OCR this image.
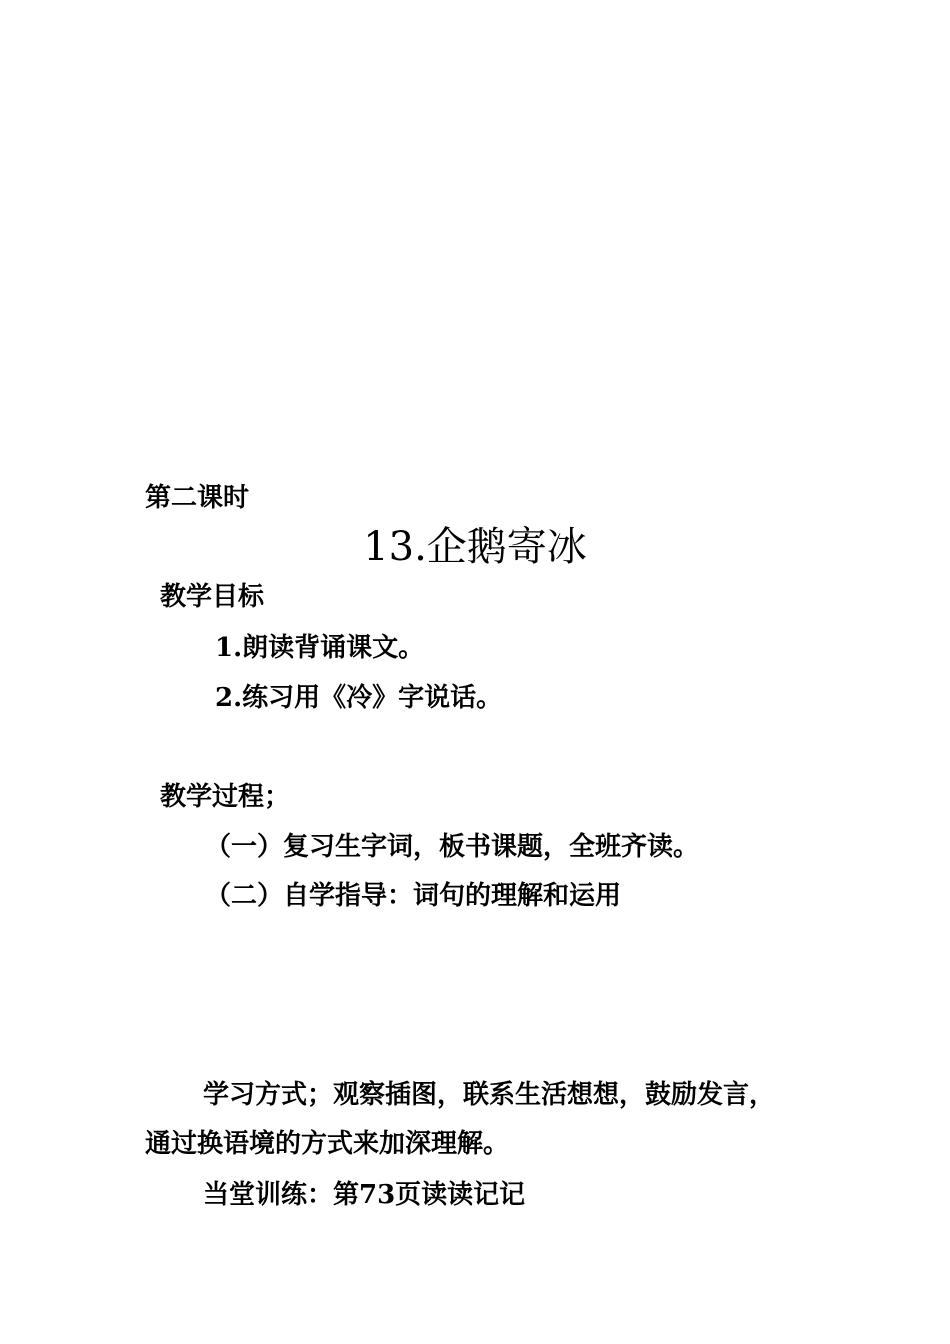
第二课时
13.企鹅寄冰
教学目标
1.朗读背诵课文。
2.练习用《冷》字说话。
教学过程；
（一）复习生字词，板书课题，全班齐读。
（二）自学指导：词句的理解和运用
学习方式；观察插图，联系生活想想，鼓励发言，
通过换语境的方式来加深理解。
当堂训练：第73页读读记记
